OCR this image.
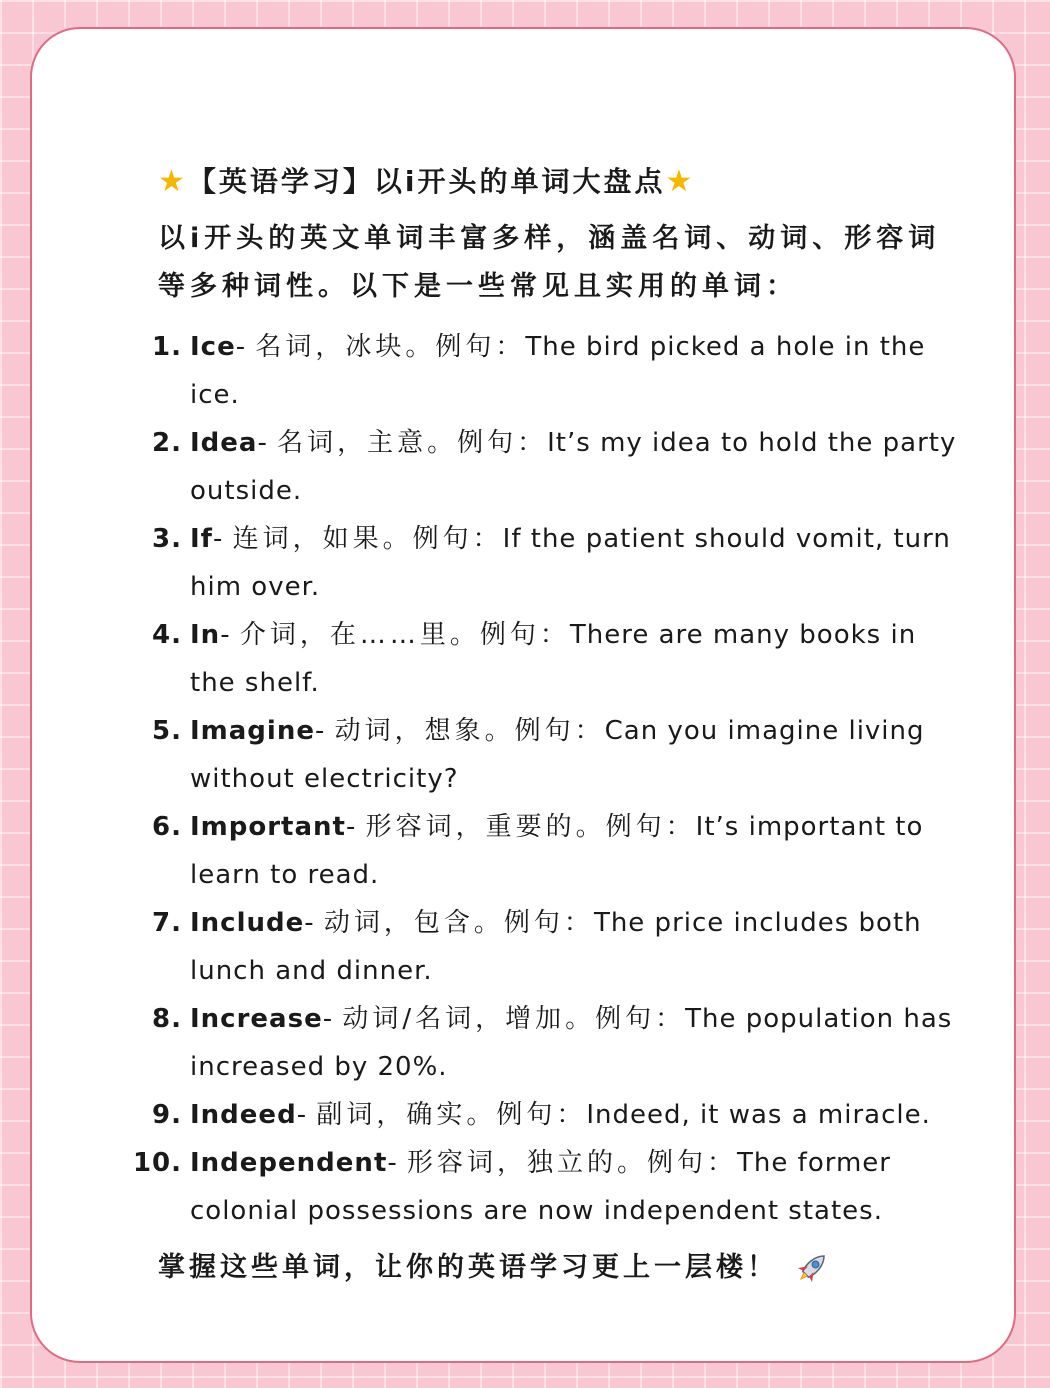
★ 【英语学习】以i开头的单词大盘点 ★
以i开头的英文单词丰富多样，涵盖名词、动词、形容词
等多种词性。以下是一些常见且实用的单词：
1. Ice- 名词，冰块。例句：The bird picked a hole in the ice.
2. Idea- 名词，主意。例句：It’s my idea to hold the party outside.
3. If- 连词，如果。例句：If the patient should vomit, turn him over.
4. In- 介词，在……里。例句：There are many books in the shelf.
5. Imagine- 动词，想象。例句：Can you imagine living without electricity?
6. Important- 形容词，重要的。例句：It’s important to learn to read.
7. Include- 动词，包含。例句：The price includes both lunch and dinner.
8. Increase- 动词/名词，增加。例句：The population has increased by 20%.
9. Indeed- 副词，确实。例句：Indeed, it was a miracle.
10. Independent- 形容词，独立的。例句：The former colonial possessions are now independent states.
掌握这些单词，让你的英语学习更上一层楼！
